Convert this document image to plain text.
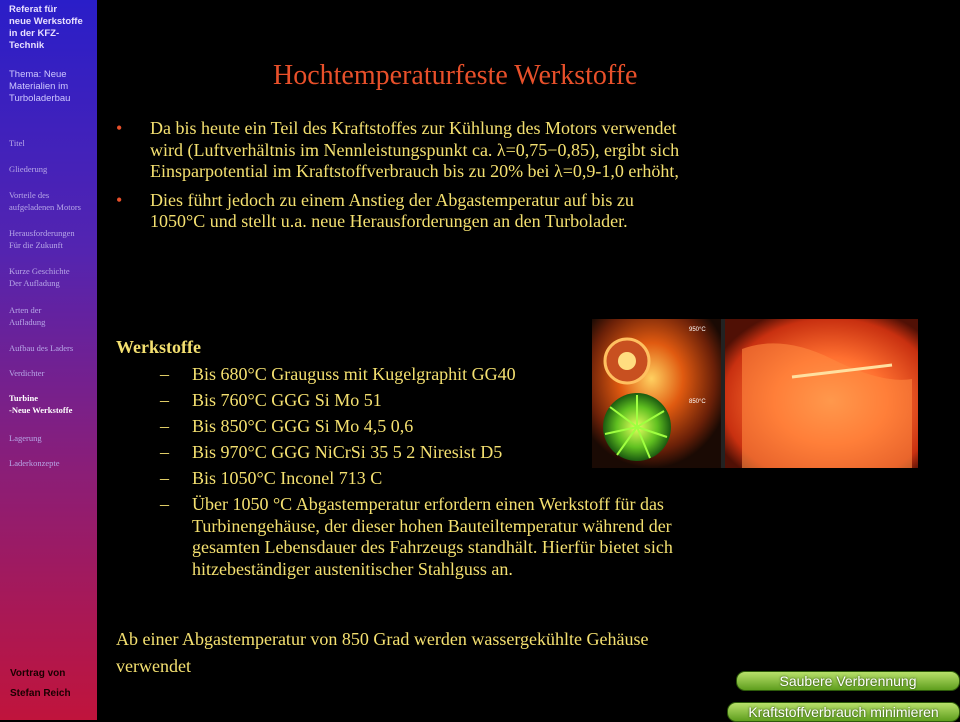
Referat für
neue Werkstoffe
in der KFZ-
Technik
Thema: Neue
Materialien im
Turboladerbau
Titel
Gliederung
Vorteile des
aufgeladenen Motors
Herausforderungen
Für die Zukunft
Kurze Geschichte
Der Aufladung
Arten der
Aufladung
Aufbau des Laders
Verdichter
Turbine
-Neue Werkstoffe
Lagerung
Laderkonzepte
Vortrag von
Stefan Reich
Hochtemperaturfeste Werkstoffe
• Da bis heute ein Teil des Kraftstoffes zur Kühlung des Motors verwendet wird (Luftverhältnis im Nennleistungspunkt ca. λ=0,75−0,85), ergibt sich Einsparpotential im Kraftstoffverbrauch bis zu 20% bei λ=0,9-1,0 erhöht,
• Dies führt jedoch zu einem Anstieg der Abgastemperatur auf bis zu 1050°C und stellt u.a. neue Herausforderungen an den Turbolader.
Werkstoffe
– Bis 680°C Grauguss mit Kugelgraphit GG40
– Bis 760°C GGG Si Mo 51
– Bis 850°C GGG Si Mo 4,5 0,6
– Bis 970°C GGG NiCrSi 35 5 2 Niresist D5
– Bis 1050°C Inconel 713 C
– Über 1050 °C Abgastemperatur erfordern einen Werkstoff für das Turbinengehäuse, der dieser hohen Bauteiltemperatur während der gesamten Lebensdauer des Fahrzeugs standhält. Hierfür bietet sich hitzebeständiger austenitischer Stahlguss an.
Ab einer Abgastemperatur von 850 Grad werden wassergekühlte Gehäuse verwendet
950°C
850°C
Saubere Verbrennung
Kraftstoffverbrauch minimieren
